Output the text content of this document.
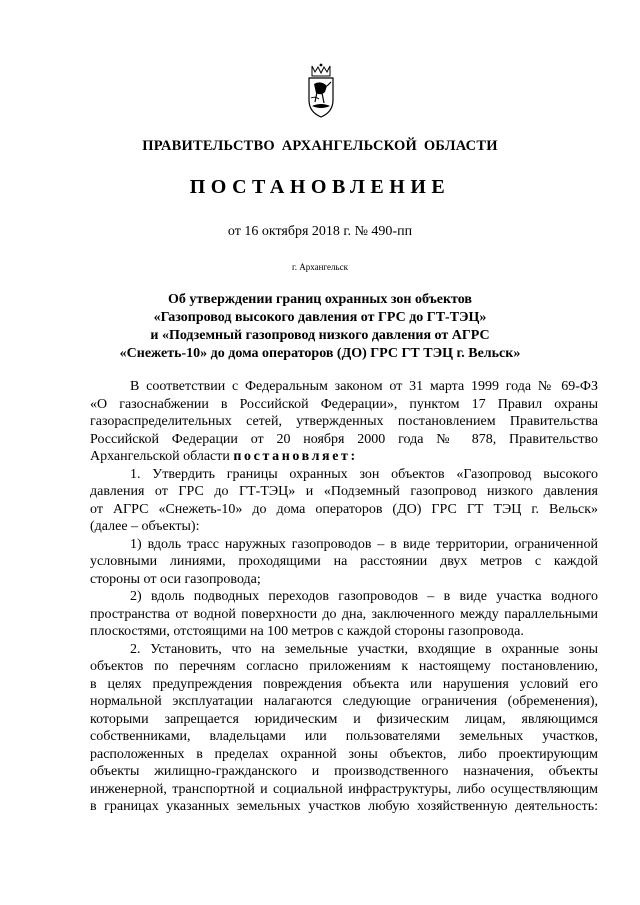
ПРАВИТЕЛЬСТВО АРХАНГЕЛЬСКОЙ ОБЛАСТИ
ПОСТАНОВЛЕНИЕ
от 16 октября 2018 г. № 490-пп
г. Архангельск
Об утверждении границ охранных зон объектов
«Газопровод высокого давления от ГРС до ГТ-ТЭЦ»
и «Подземный газопровод низкого давления от АГРС
«Снежеть-10» до дома операторов (ДО) ГРС ГТ ТЭЦ г. Вельск»
В соответствии с Федеральным законом от 31 марта 1999 года № 69-ФЗ
«О газоснабжении в Российской Федерации», пунктом 17 Правил охраны
газораспределительных сетей, утвержденных постановлением Правительства
Российской Федерации от 20 ноября 2000 года № 878, Правительство
Архангельской области постановляет:
1. Утвердить границы охранных зон объектов «Газопровод высокого
давления от ГРС до ГТ-ТЭЦ» и «Подземный газопровод низкого давления
от АГРС «Снежеть-10» до дома операторов (ДО) ГРС ГТ ТЭЦ г. Вельск»
(далее – объекты):
1) вдоль трасс наружных газопроводов – в виде территории, ограниченной
условными линиями, проходящими на расстоянии двух метров с каждой
стороны от оси газопровода;
2) вдоль подводных переходов газопроводов – в виде участка водного
пространства от водной поверхности до дна, заключенного между параллельными
плоскостями, отстоящими на 100 метров с каждой стороны газопровода.
2. Установить, что на земельные участки, входящие в охранные зоны
объектов по перечням согласно приложениям к настоящему постановлению,
в целях предупреждения повреждения объекта или нарушения условий его
нормальной эксплуатации налагаются следующие ограничения (обременения),
которыми запрещается юридическим и физическим лицам, являющимся
собственниками, владельцами или пользователями земельных участков,
расположенных в пределах охранной зоны объектов, либо проектирующим
объекты жилищно-гражданского и производственного назначения, объекты
инженерной, транспортной и социальной инфраструктуры, либо осуществляющим
в границах указанных земельных участков любую хозяйственную деятельность:
